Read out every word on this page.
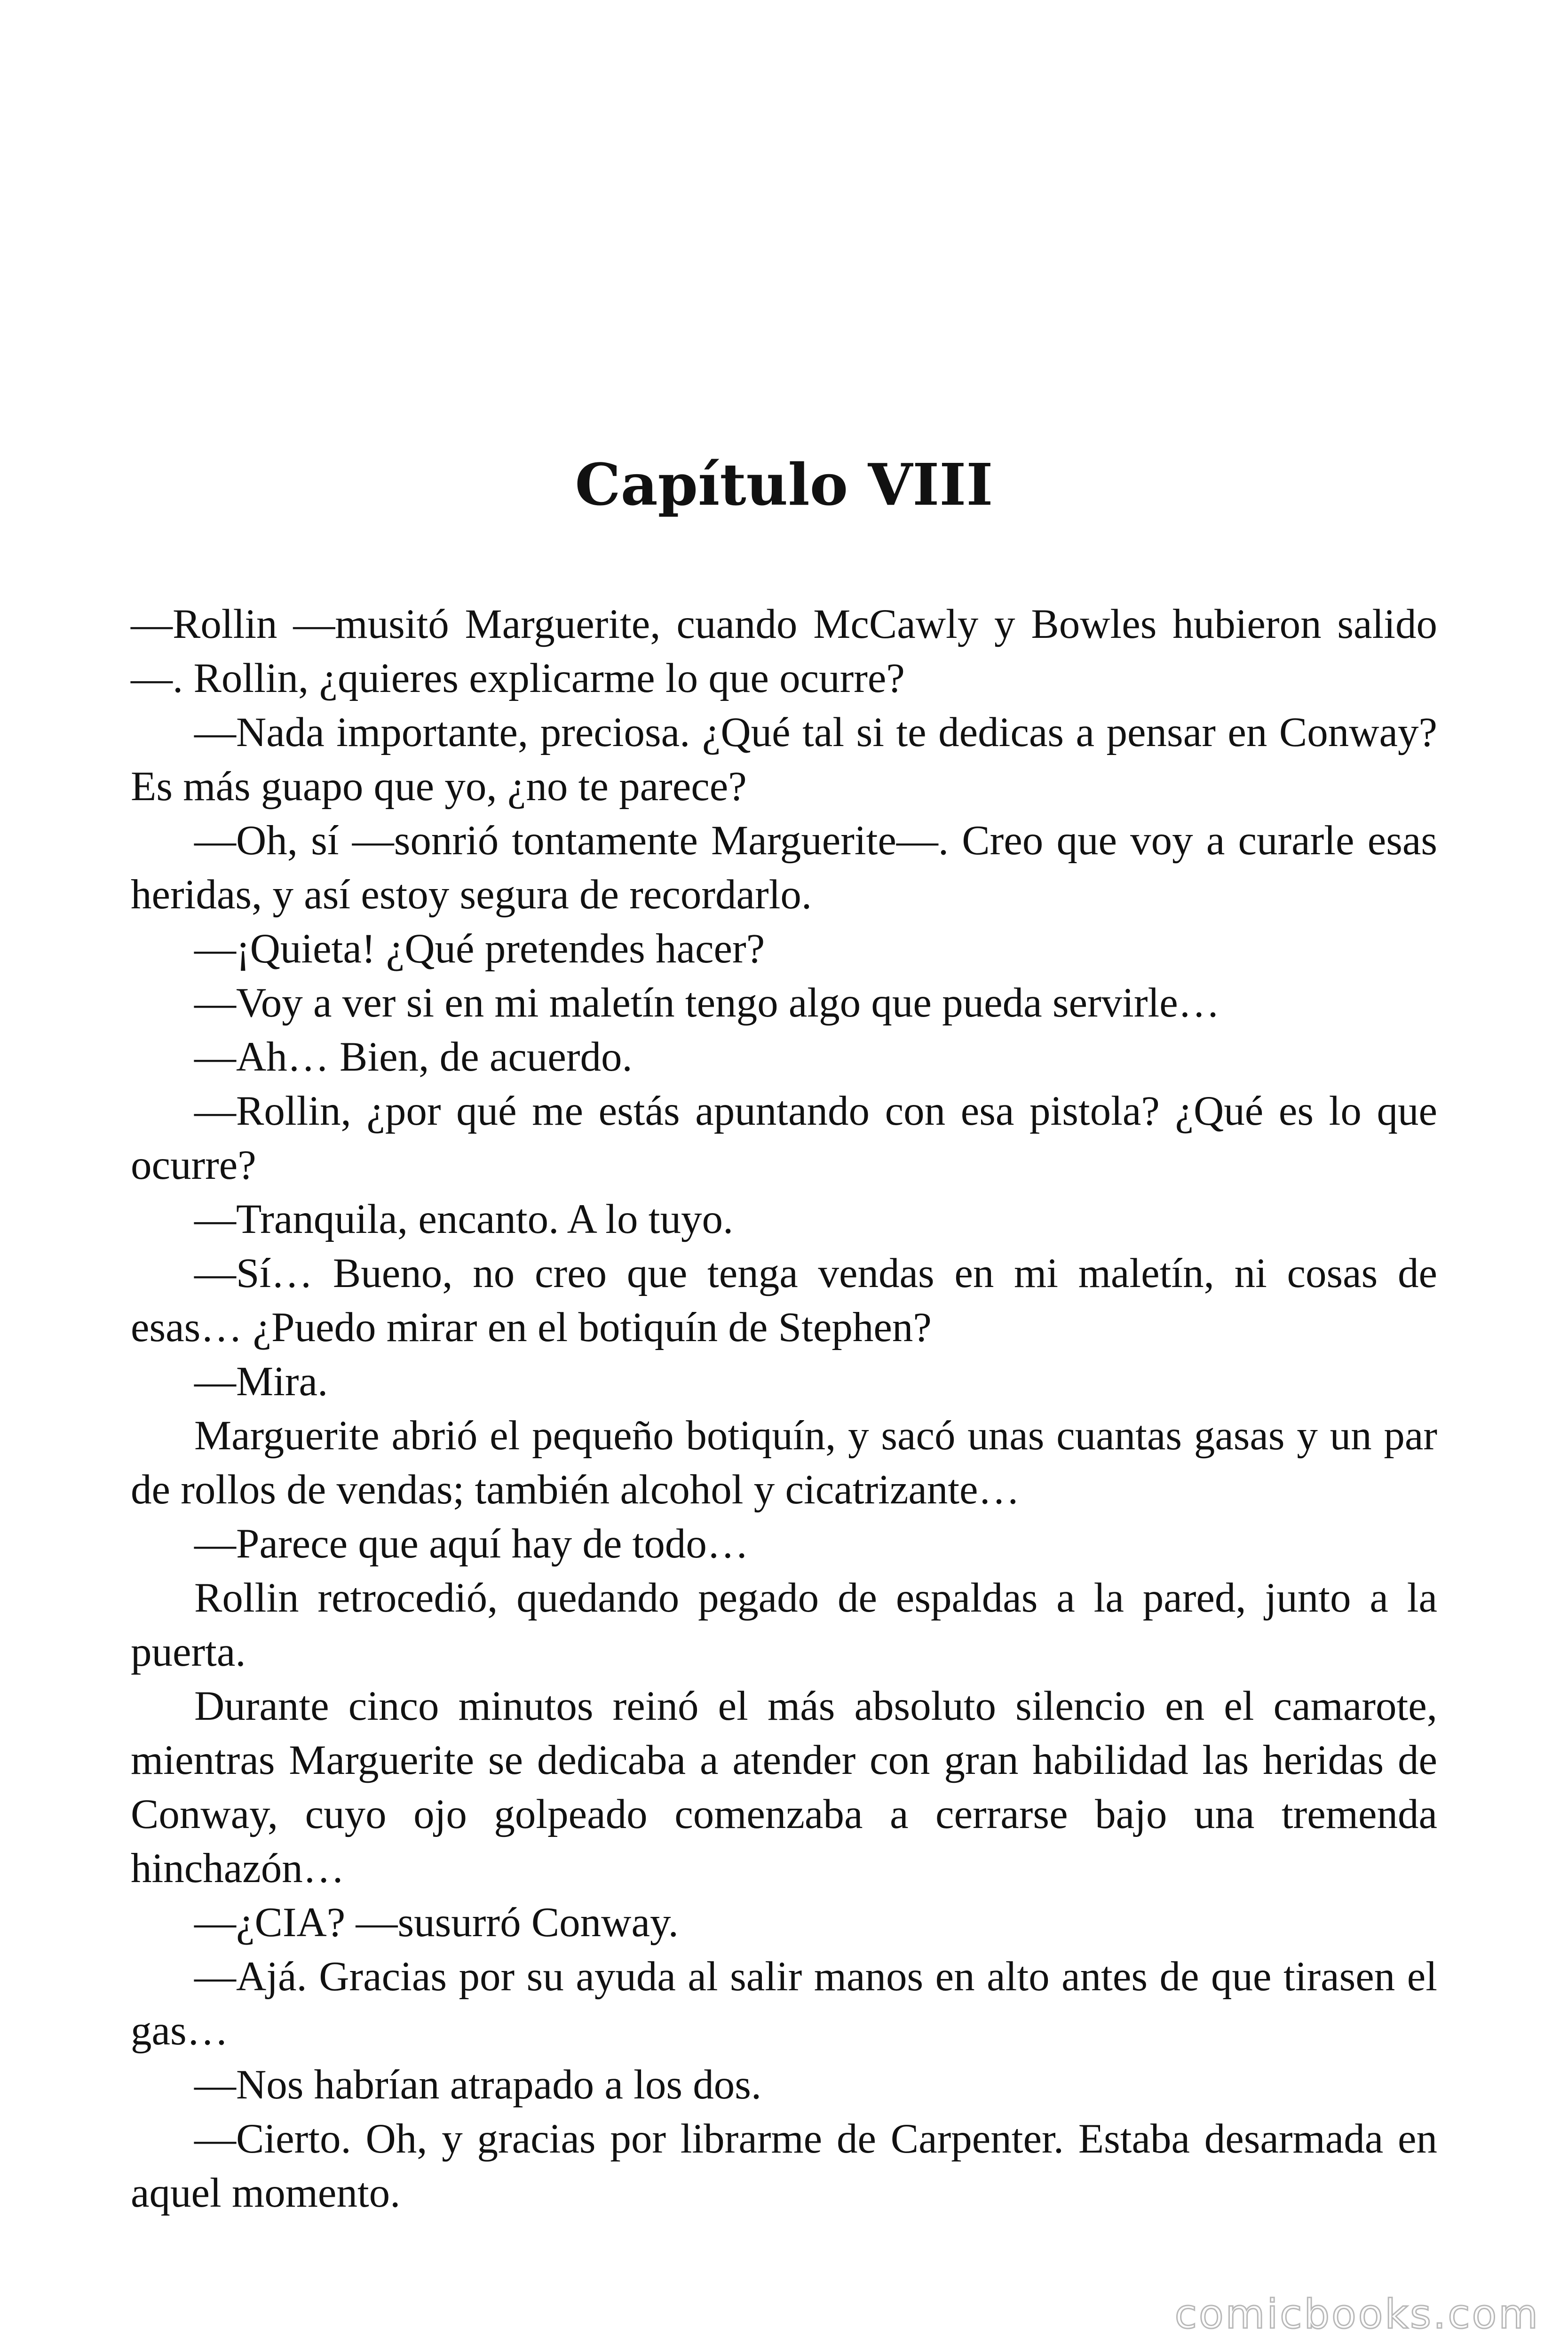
Capítulo VIII

—Rollin —musitó Marguerite, cuando McCawly y Bowles hubieron salido—. Rollin, ¿quieres explicarme lo que ocurre?

—Nada importante, preciosa. ¿Qué tal si te dedicas a pensar en Conway? Es más guapo que yo, ¿no te parece?

—Oh, sí —sonrió tontamente Marguerite—. Creo que voy a curarle esas heridas, y así estoy segura de recordarlo.

—¡Quieta! ¿Qué pretendes hacer?

—Voy a ver si en mi maletín tengo algo que pueda servirle…

—Ah… Bien, de acuerdo.

—Rollin, ¿por qué me estás apuntando con esa pistola? ¿Qué es lo que ocurre?

—Tranquila, encanto. A lo tuyo.

—Sí… Bueno, no creo que tenga vendas en mi maletín, ni cosas de esas… ¿Puedo mirar en el botiquín de Stephen?

—Mira.

Marguerite abrió el pequeño botiquín, y sacó unas cuantas gasas y un par de rollos de vendas; también alcohol y cicatrizante…

—Parece que aquí hay de todo…

Rollin retrocedió, quedando pegado de espaldas a la pared, junto a la puerta.

Durante cinco minutos reinó el más absoluto silencio en el camarote, mientras Marguerite se dedicaba a atender con gran habilidad las heridas de Conway, cuyo ojo golpeado comenzaba a cerrarse bajo una tremenda hinchazón…

—¿CIA? —susurró Conway.

—Ajá. Gracias por su ayuda al salir manos en alto antes de que tirasen el gas…

—Nos habrían atrapado a los dos.

—Cierto. Oh, y gracias por librarme de Carpenter. Estaba desarmada en aquel momento.

comicbooks.com
